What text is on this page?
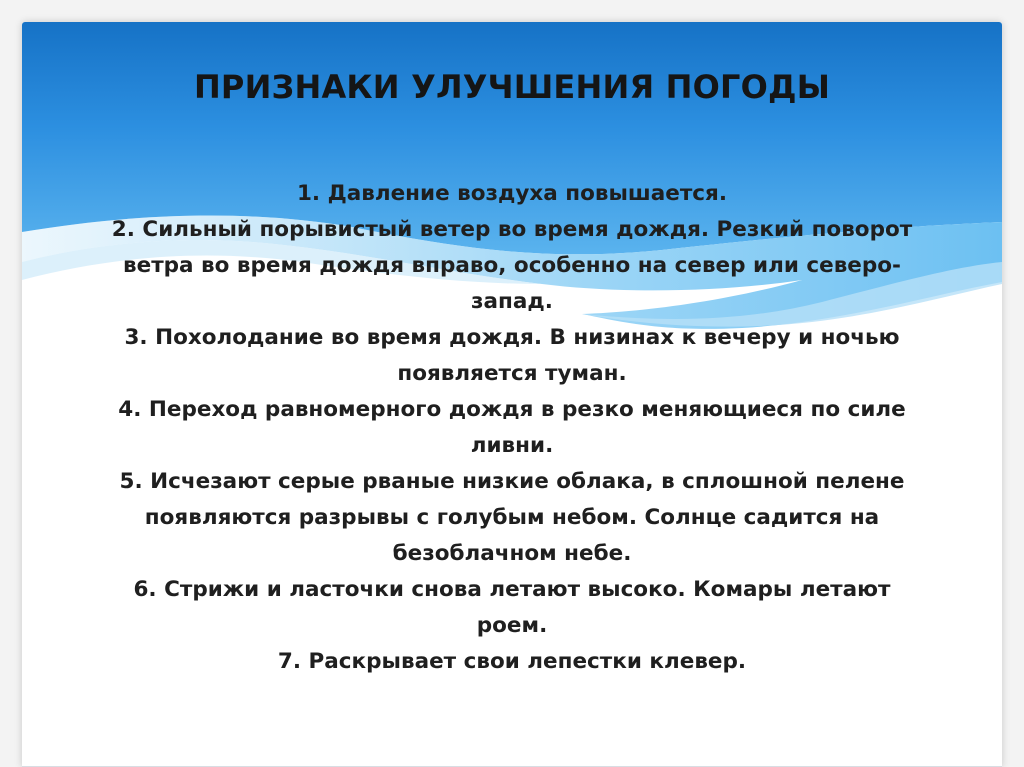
ПРИЗНАКИ УЛУЧШЕНИЯ ПОГОДЫ
1. Давление воздуха повышается.
2. Сильный порывистый ветер во время дождя. Резкий поворот
ветра во время дождя вправо, особенно на север или северо-
запад.
3. Похолодание во время дождя. В низинах к вечеру и ночью
появляется туман.
4. Переход равномерного дождя в резко меняющиеся по силе
ливни.
5. Исчезают серые рваные низкие облака, в сплошной пелене
появляются разрывы с голубым небом. Солнце садится на
безоблачном небе.
6. Стрижи и ласточки снова летают высоко. Комары летают
роем.
7. Раскрывает свои лепестки клевер.
